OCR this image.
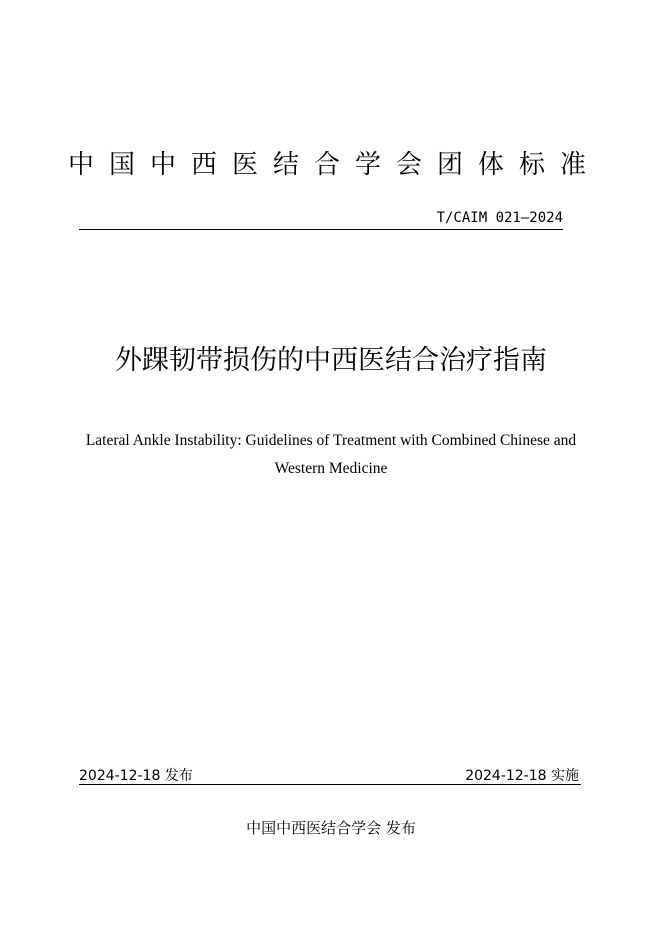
中国中西医结合学会团体标准
T/CAIM 021—2024
外踝韧带损伤的中西医结合治疗指南
Lateral Ankle Instability: Guidelines of Treatment with Combined Chinese and Western Medicine
2024-12-18 发布	2024-12-18 实施
中国中西医结合学会 发布
